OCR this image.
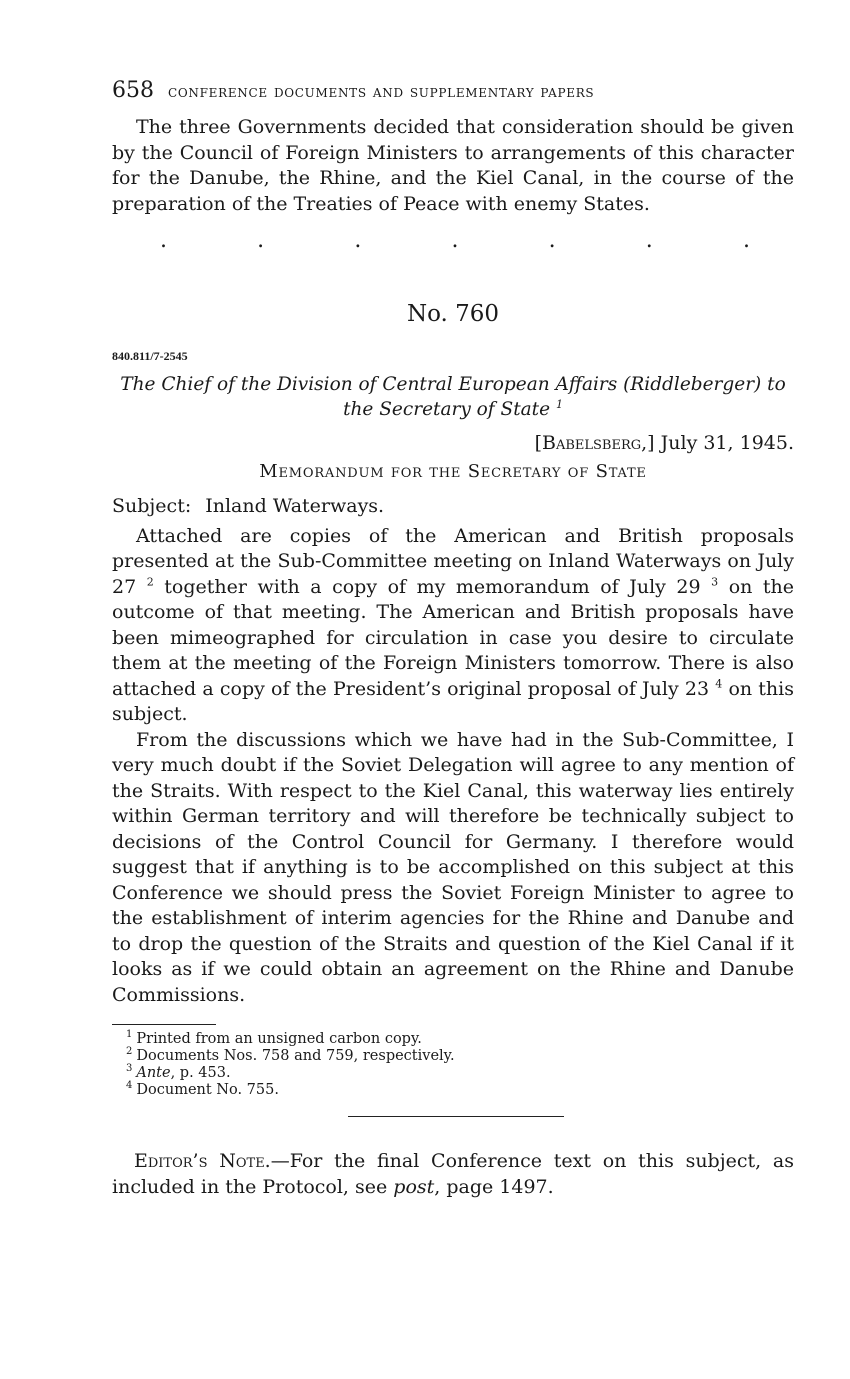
658 conference documents and supplementary papers

The three Governments decided that consideration should be given by the Council of Foreign Ministers to arrangements of this character for the Danube, the Rhine, and the Kiel Canal, in the course of the preparation of the Treaties of Peace with enemy States.

.	.	.	.	.	.	.
No. 760
840.811/7-2545

The Chief of the Division of Central European Affairs (Riddleberger) to
the Secretary of State $^1$

[Babelsberg,] July 31, 1945.
Memorandum for the Secretary of State

Subject: Inland Waterways.

Attached are copies of the American and British proposals presented at the Sub-Committee meeting on Inland Waterways on July 27 $^2$ together with a copy of my memorandum of July 29 $^3$ on the outcome of that meeting. The American and British proposals have been mimeographed for circulation in case you desire to circulate them at the meeting of the Foreign Ministers tomorrow. There is also attached a copy of the President’s original proposal of July 23 $^4$ on this subject.

From the discussions which we have had in the Sub-Committee, I very much doubt if the Soviet Delegation will agree to any mention of the Straits. With respect to the Kiel Canal, this waterway lies entirely within German territory and will therefore be technically subject to decisions of the Control Council for Germany. I therefore would suggest that if anything is to be accomplished on this subject at this Conference we should press the Soviet Foreign Minister to agree to the establishment of interim agencies for the Rhine and Danube and to drop the question of the Straits and question of the Kiel Canal if it looks as if we could obtain an agreement on the Rhine and Danube Commissions.

$^1$ Printed from an unsigned carbon copy.
$^2$ Documents Nos. 758 and 759, respectively.
$^3$ Ante, p. 453.
$^4$ Document No. 755.

Editor’s Note.—For the final Conference text on this subject, as included in the Protocol, see post, page 1497.
